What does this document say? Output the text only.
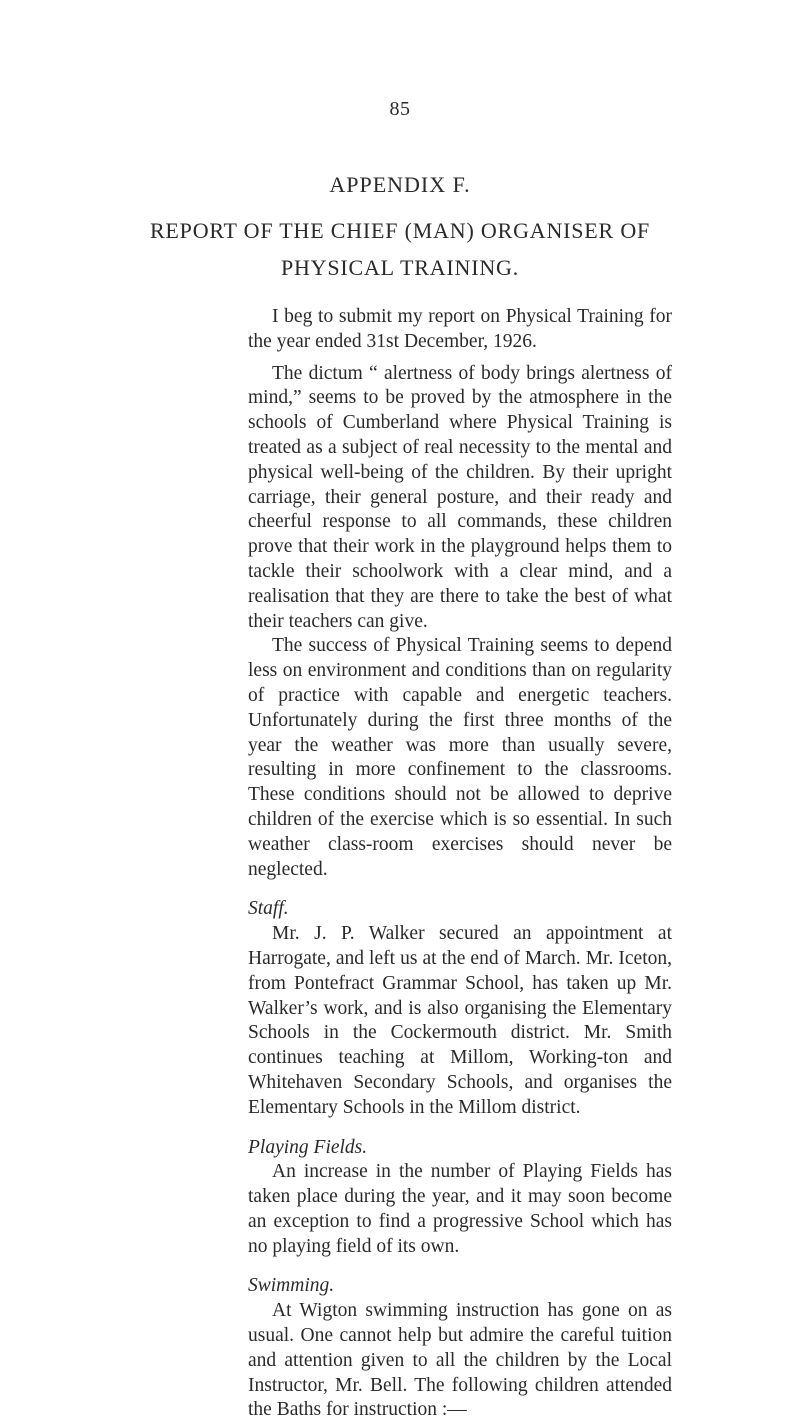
85
APPENDIX F.
REPORT OF THE CHIEF (MAN) ORGANISER OF PHYSICAL TRAINING.

I beg to submit my report on Physical Training for the year ended 31st December, 1926.

The dictum “ alertness of body brings alertness of mind,” seems to be proved by the atmosphere in the schools of Cumberland where Physical Training is treated as a subject of real necessity to the mental and physical well-being of the children. By their upright carriage, their general posture, and their ready and cheerful response to all commands, these children prove that their work in the playground helps them to tackle their schoolwork with a clear mind, and a realisation that they are there to take the best of what their teachers can give.

The success of Physical Training seems to depend less on environment and conditions than on regularity of practice with capable and energetic teachers. Unfortunately during the first three months of the year the weather was more than usually severe, resulting in more confinement to the classrooms. These conditions should not be allowed to deprive children of the exercise which is so essential. In such weather class-room exercises should never be neglected.

Staff.

Mr. J. P. Walker secured an appointment at Harrogate, and left us at the end of March. Mr. Iceton, from Pontefract Grammar School, has taken up Mr. Walker’s work, and is also organising the Elementary Schools in the Cockermouth district. Mr. Smith continues teaching at Millom, Working-ton and Whitehaven Secondary Schools, and organises the Elementary Schools in the Millom district.

Playing Fields.

An increase in the number of Playing Fields has taken place during the year, and it may soon become an exception to find a progressive School which has no playing field of its own.

Swimming.

At Wigton swimming instruction has gone on as usual. One cannot help but admire the careful tuition and attention given to all the children by the Local Instructor, Mr. Bell. The following children attended the Baths for instruction :—
